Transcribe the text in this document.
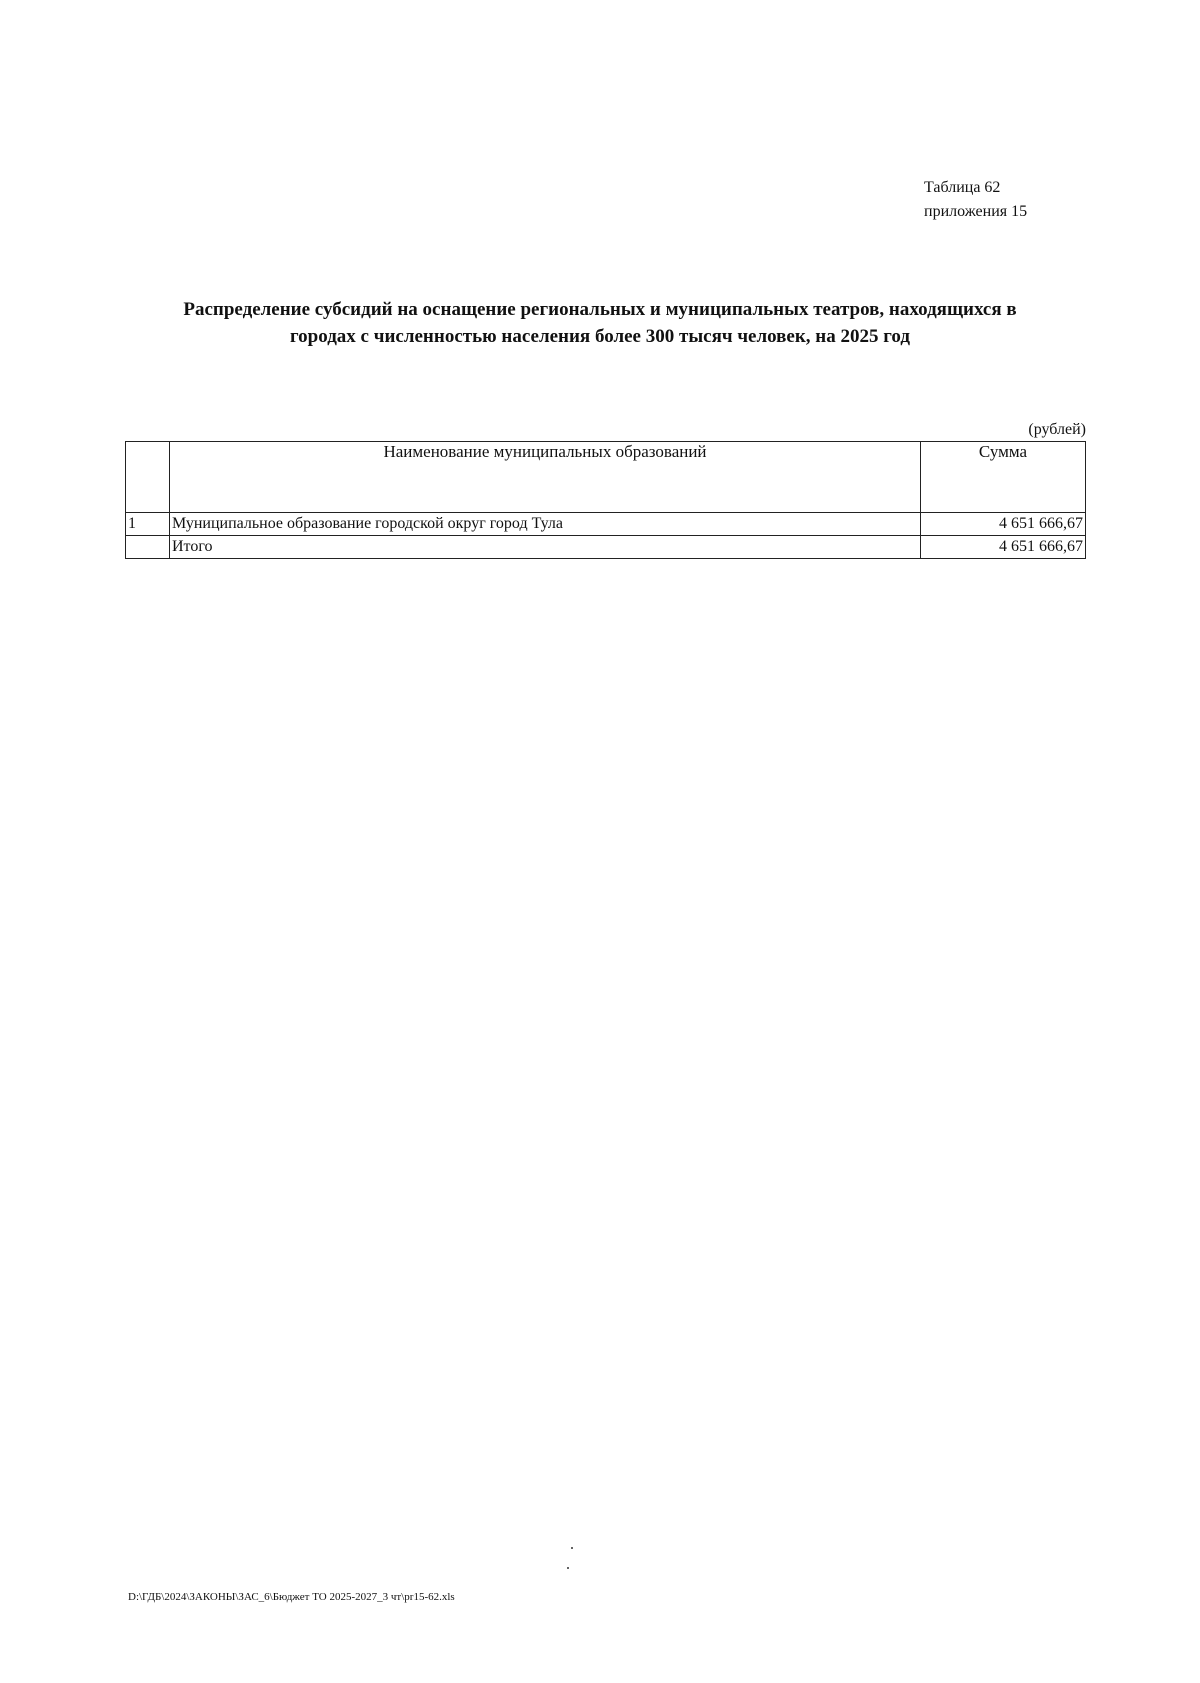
Таблица 62
приложения 15
Распределение субсидий на оснащение региональных и муниципальных театров, находящихся в
городах с численностью населения более 300 тысяч человек, на 2025 год
(рублей)
	Наименование муниципальных образований	Сумма
1	Муниципальное образование городской округ город Тула	4 651 666,67
	Итого	4 651 666,67
D:\ГДБ\2024\ЗАКОНЫ\ЗАС_6\Бюджет ТО 2025-2027_3 чт\pr15-62.xls
